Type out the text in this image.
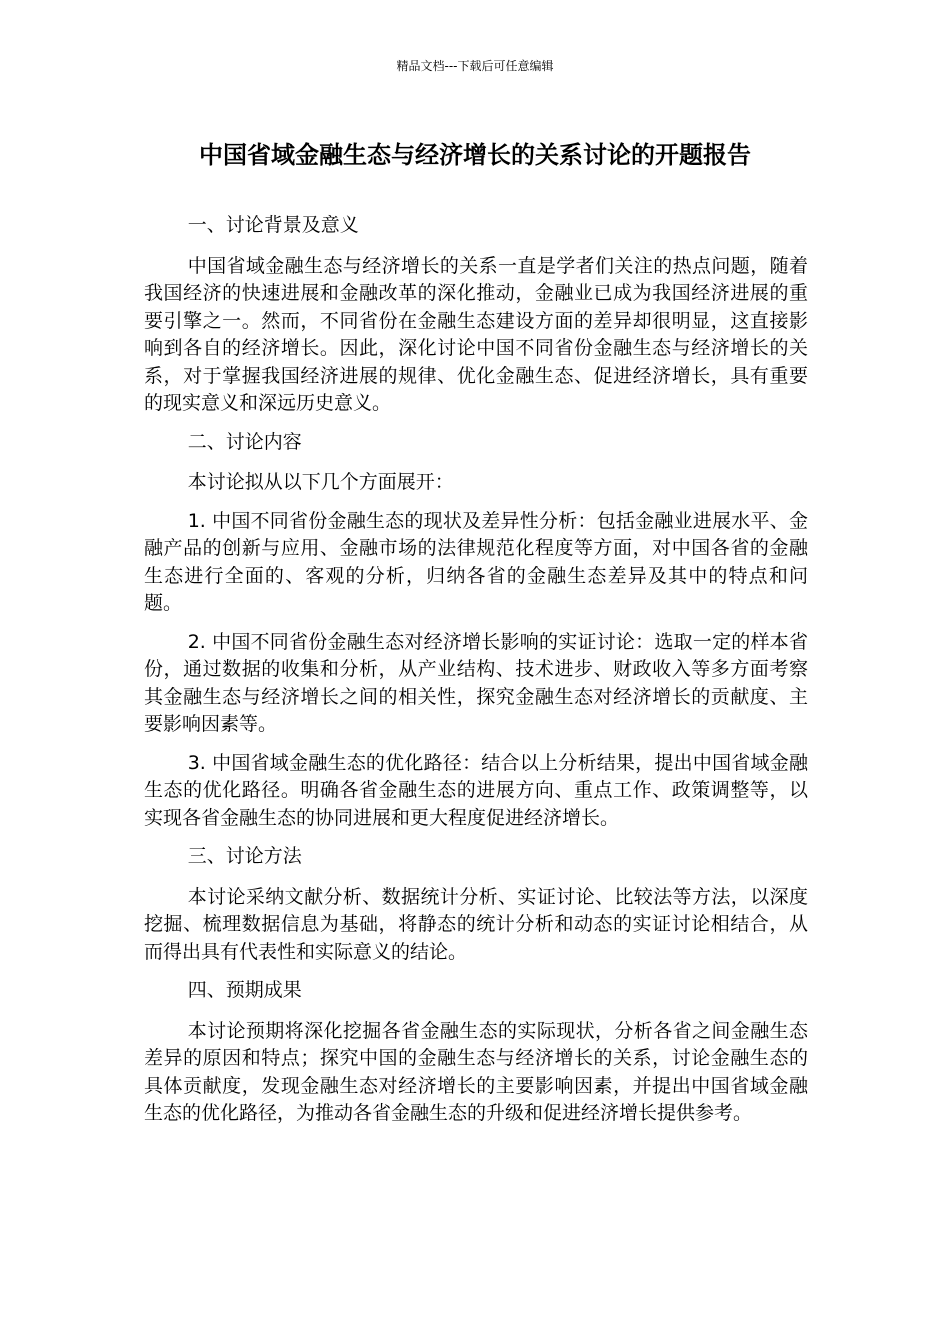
精品文档---下载后可任意编辑
中国省域金融生态与经济增长的关系讨论的开题报告

一、讨论背景及意义

中国省域金融生态与经济增长的关系一直是学者们关注的热点问题，随着我国经济的快速进展和金融改革的深化推动，金融业已成为我国经济进展的重要引擎之一。然而，不同省份在金融生态建设方面的差异却很明显，这直接影响到各自的经济增长。因此，深化讨论中国不同省份金融生态与经济增长的关系，对于掌握我国经济进展的规律、优化金融生态、促进经济增长，具有重要的现实意义和深远历史意义。

二、讨论内容

本讨论拟从以下几个方面展开：

1. 中国不同省份金融生态的现状及差异性分析：包括金融业进展水平、金融产品的创新与应用、金融市场的法律规范化程度等方面，对中国各省的金融生态进行全面的、客观的分析，归纳各省的金融生态差异及其中的特点和问题。

2. 中国不同省份金融生态对经济增长影响的实证讨论：选取一定的样本省份，通过数据的收集和分析，从产业结构、技术进步、财政收入等多方面考察其金融生态与经济增长之间的相关性，探究金融生态对经济增长的贡献度、主要影响因素等。

3. 中国省域金融生态的优化路径：结合以上分析结果，提出中国省域金融生态的优化路径。明确各省金融生态的进展方向、重点工作、政策调整等，以实现各省金融生态的协同进展和更大程度促进经济增长。

三、讨论方法

本讨论采纳文献分析、数据统计分析、实证讨论、比较法等方法，以深度挖掘、梳理数据信息为基础，将静态的统计分析和动态的实证讨论相结合，从而得出具有代表性和实际意义的结论。

四、预期成果

本讨论预期将深化挖掘各省金融生态的实际现状，分析各省之间金融生态差异的原因和特点；探究中国的金融生态与经济增长的关系，讨论金融生态的具体贡献度，发现金融生态对经济增长的主要影响因素，并提出中国省域金融生态的优化路径，为推动各省金融生态的升级和促进经济增长提供参考。
